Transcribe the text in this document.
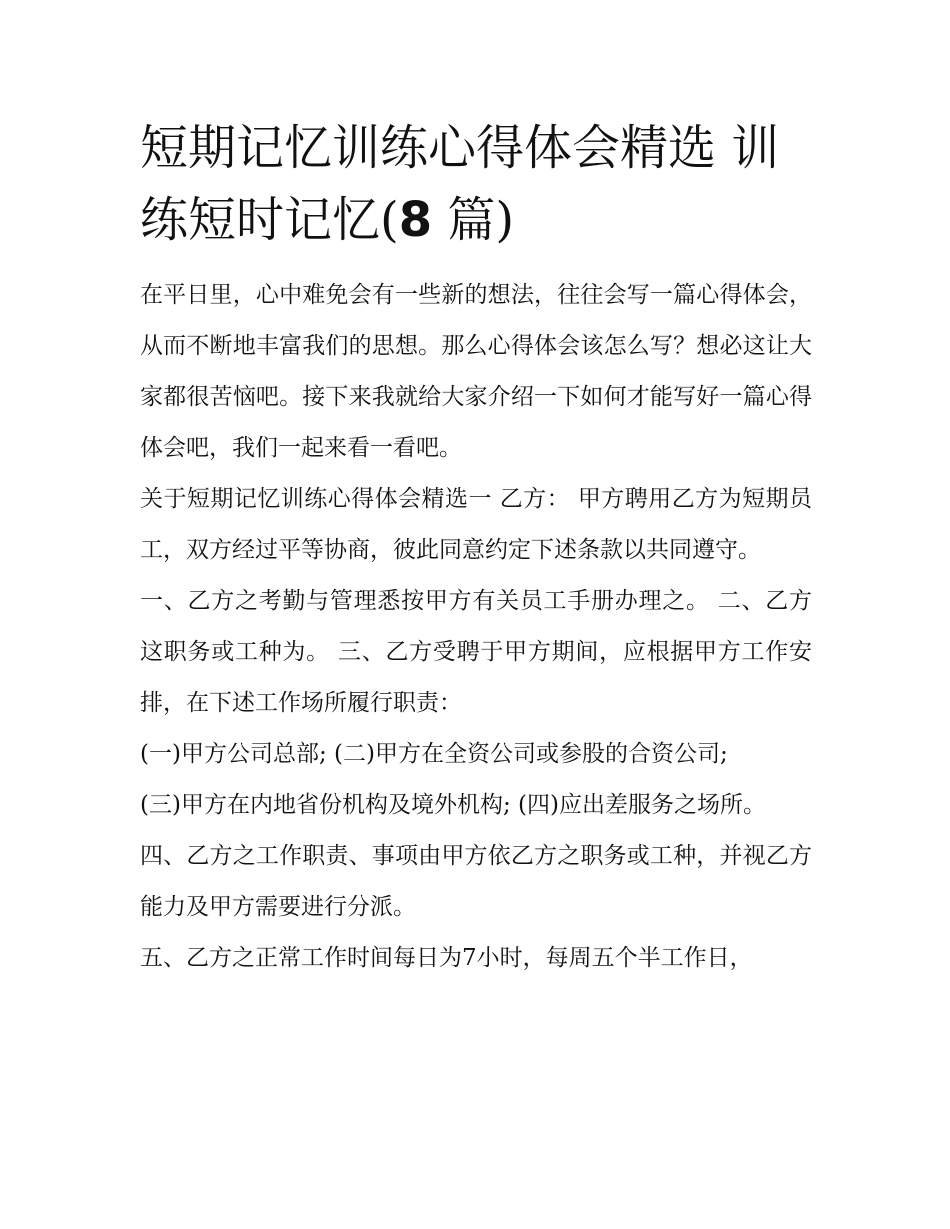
短期记忆训练心得体会精选 训练短时记忆(8 篇)

在平日里，心中难免会有一些新的想法，往往会写一篇心得体会，从而不断地丰富我们的思想。那么心得体会该怎么写？想必这让大家都很苦恼吧。接下来我就给大家介绍一下如何才能写好一篇心得体会吧，我们一起来看一看吧。

关于短期记忆训练心得体会精选一 乙方： 甲方聘用乙方为短期员工，双方经过平等协商，彼此同意约定下述条款以共同遵守。

一、乙方之考勤与管理悉按甲方有关员工手册办理之。 二、乙方这职务或工种为。 三、乙方受聘于甲方期间，应根据甲方工作安排，在下述工作场所履行职责：

(一)甲方公司总部; (二)甲方在全资公司或参股的合资公司;

(三)甲方在内地省份机构及境外机构; (四)应出差服务之场所。

四、乙方之工作职责、事项由甲方依乙方之职务或工种，并视乙方能力及甲方需要进行分派。

五、乙方之正常工作时间每日为7小时，每周五个半工作日，
